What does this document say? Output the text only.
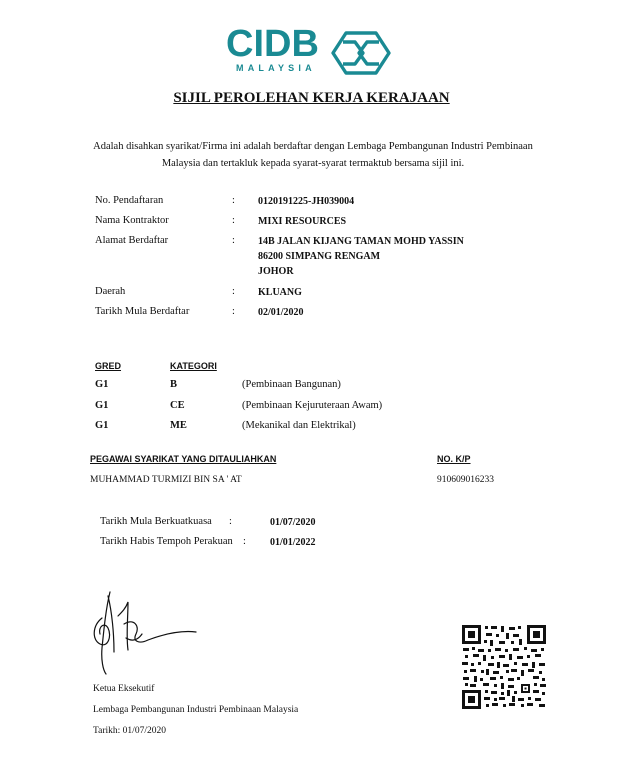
CIDB
MALAYSIA
SIJIL PEROLEHAN KERJA KERAJAAN
Adalah disahkan syarikat/Firma ini adalah berdaftar dengan Lembaga Pembangunan Industri Pembinaan Malaysia dan tertakluk kepada syarat-syarat termaktub bersama sijil ini.
No. Pendaftaran	: 0120191225-JH039004
Nama Kontraktor	: MIXI RESOURCES
Alamat Berdaftar	: 14B JALAN KIJANG TAMAN MOHD YASSIN
86200 SIMPANG RENGAM
JOHOR
Daerah	: KLUANG
Tarikh Mula Berdaftar	: 02/01/2020
GRED	KATEGORI
G1	B	(Pembinaan Bangunan)
G1	CE	(Pembinaan Kejuruteraan Awam)
G1	ME	(Mekanikal dan Elektrikal)
PEGAWAI SYARIKAT YANG DITAULIAHKAN	NO. K/P
MUHAMMAD TURMIZI BIN SA ' AT	910609016233
Tarikh Mula Berkuatkuasa :	01/07/2020
Tarikh Habis Tempoh Perakuan : 01/01/2022
Ketua Eksekutif
Lembaga Pembangunan Industri Pembinaan Malaysia
Tarikh: 01/07/2020
